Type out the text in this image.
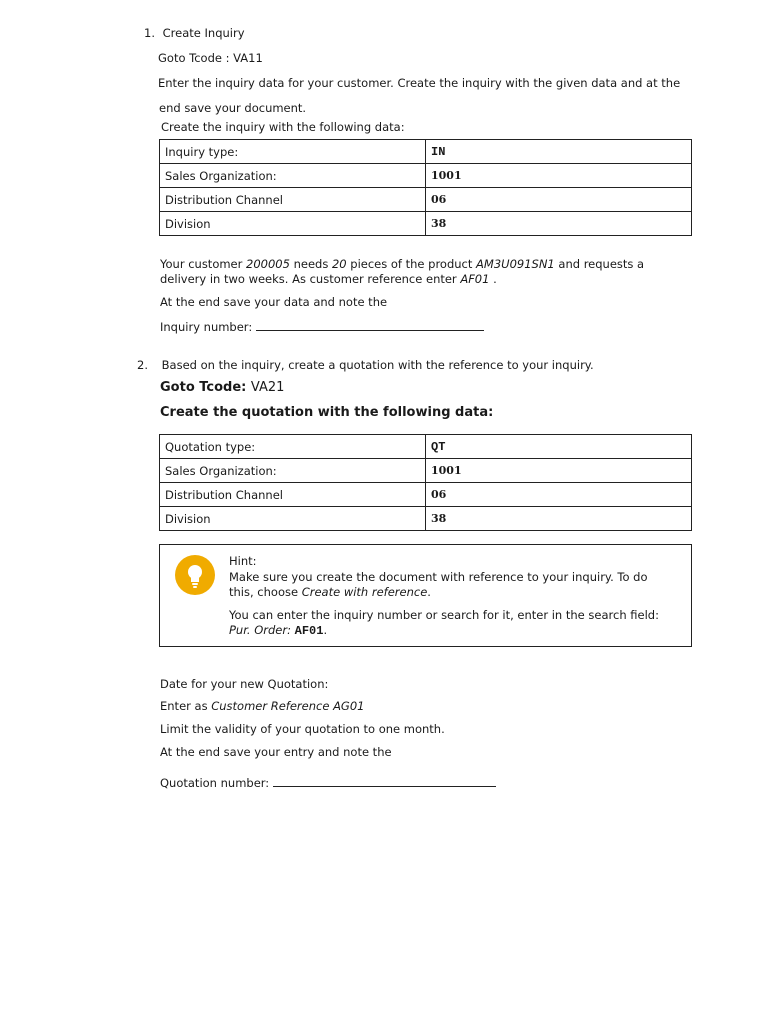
1. Create Inquiry
Goto Tcode : VA11
Enter the inquiry data for your customer. Create the inquiry with the given data and at the
end save your document.
Create the inquiry with the following data:
Inquiry type:	IN
Sales Organization:	1001
Distribution Channel	06
Division	38
Your customer 200005 needs 20 pieces of the product AM3U091SN1 and requests a
delivery in two weeks. As customer reference enter AF01 .
At the end save your data and note the
Inquiry number:
2. Based on the inquiry, create a quotation with the reference to your inquiry.
Goto Tcode: VA21
Create the quotation with the following data:
Quotation type:	QT
Sales Organization:	1001
Distribution Channel	06
Division	38
Hint:
Make sure you create the document with reference to your inquiry. To do
this, choose Create with reference.
You can enter the inquiry number or search for it, enter in the search field:
Pur. Order: AF01.
Date for your new Quotation:
Enter as Customer Reference AG01
Limit the validity of your quotation to one month.
At the end save your entry and note the
Quotation number:
